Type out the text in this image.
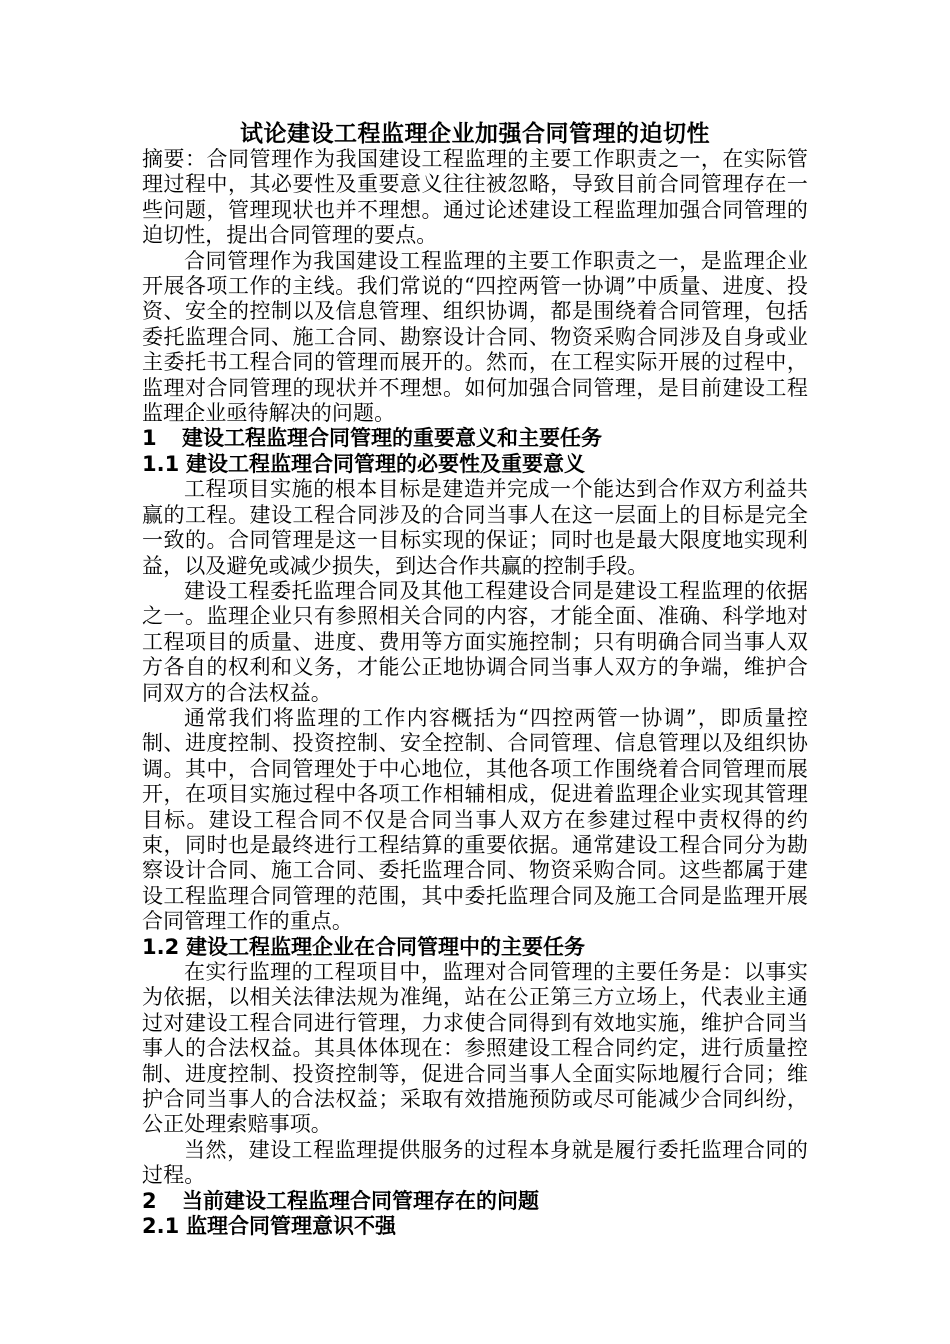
试论建设工程监理企业加强合同管理的迫切性

摘要：合同管理作为我国建设工程监理的主要工作职责之一，在实际管理过程中，其必要性及重要意义往往被忽略，导致目前合同管理存在一些问题，管理现状也并不理想。通过论述建设工程监理加强合同管理的迫切性，提出合同管理的要点。

合同管理作为我国建设工程监理的主要工作职责之一，是监理企业开展各项工作的主线。我们常说的“四控两管一协调”中质量、进度、投资、安全的控制以及信息管理、组织协调，都是围绕着合同管理，包括委托监理合同、施工合同、勘察设计合同、物资采购合同涉及自身或业主委托书工程合同的管理而展开的。然而，在工程实际开展的过程中，监理对合同管理的现状并不理想。如何加强合同管理，是目前建设工程监理企业亟待解决的问题。

1 建设工程监理合同管理的重要意义和主要任务
1.1 建设工程监理合同管理的必要性及重要意义

工程项目实施的根本目标是建造并完成一个能达到合作双方利益共赢的工程。建设工程合同涉及的合同当事人在这一层面上的目标是完全一致的。合同管理是这一目标实现的保证；同时也是最大限度地实现利益，以及避免或减少损失，到达合作共赢的控制手段。

建设工程委托监理合同及其他工程建设合同是建设工程监理的依据之一。监理企业只有参照相关合同的内容，才能全面、准确、科学地对工程项目的质量、进度、费用等方面实施控制；只有明确合同当事人双方各自的权利和义务，才能公正地协调合同当事人双方的争端，维护合同双方的合法权益。

通常我们将监理的工作内容概括为“四控两管一协调”，即质量控制、进度控制、投资控制、安全控制、合同管理、信息管理以及组织协调。其中，合同管理处于中心地位，其他各项工作围绕着合同管理而展开，在项目实施过程中各项工作相辅相成，促进着监理企业实现其管理目标。建设工程合同不仅是合同当事人双方在参建过程中责权得的约束，同时也是最终进行工程结算的重要依据。通常建设工程合同分为勘察设计合同、施工合同、委托监理合同、物资采购合同。这些都属于建设工程监理合同管理的范围，其中委托监理合同及施工合同是监理开展合同管理工作的重点。

1.2 建设工程监理企业在合同管理中的主要任务

在实行监理的工程项目中，监理对合同管理的主要任务是：以事实为依据，以相关法律法规为准绳，站在公正第三方立场上，代表业主通过对建设工程合同进行管理，力求使合同得到有效地实施，维护合同当事人的合法权益。其具体体现在：参照建设工程合同约定，进行质量控制、进度控制、投资控制等，促进合同当事人全面实际地履行合同；维护合同当事人的合法权益；采取有效措施预防或尽可能减少合同纠纷，公正处理索赔事项。

当然，建设工程监理提供服务的过程本身就是履行委托监理合同的过程。

2 当前建设工程监理合同管理存在的问题
2.1 监理合同管理意识不强
